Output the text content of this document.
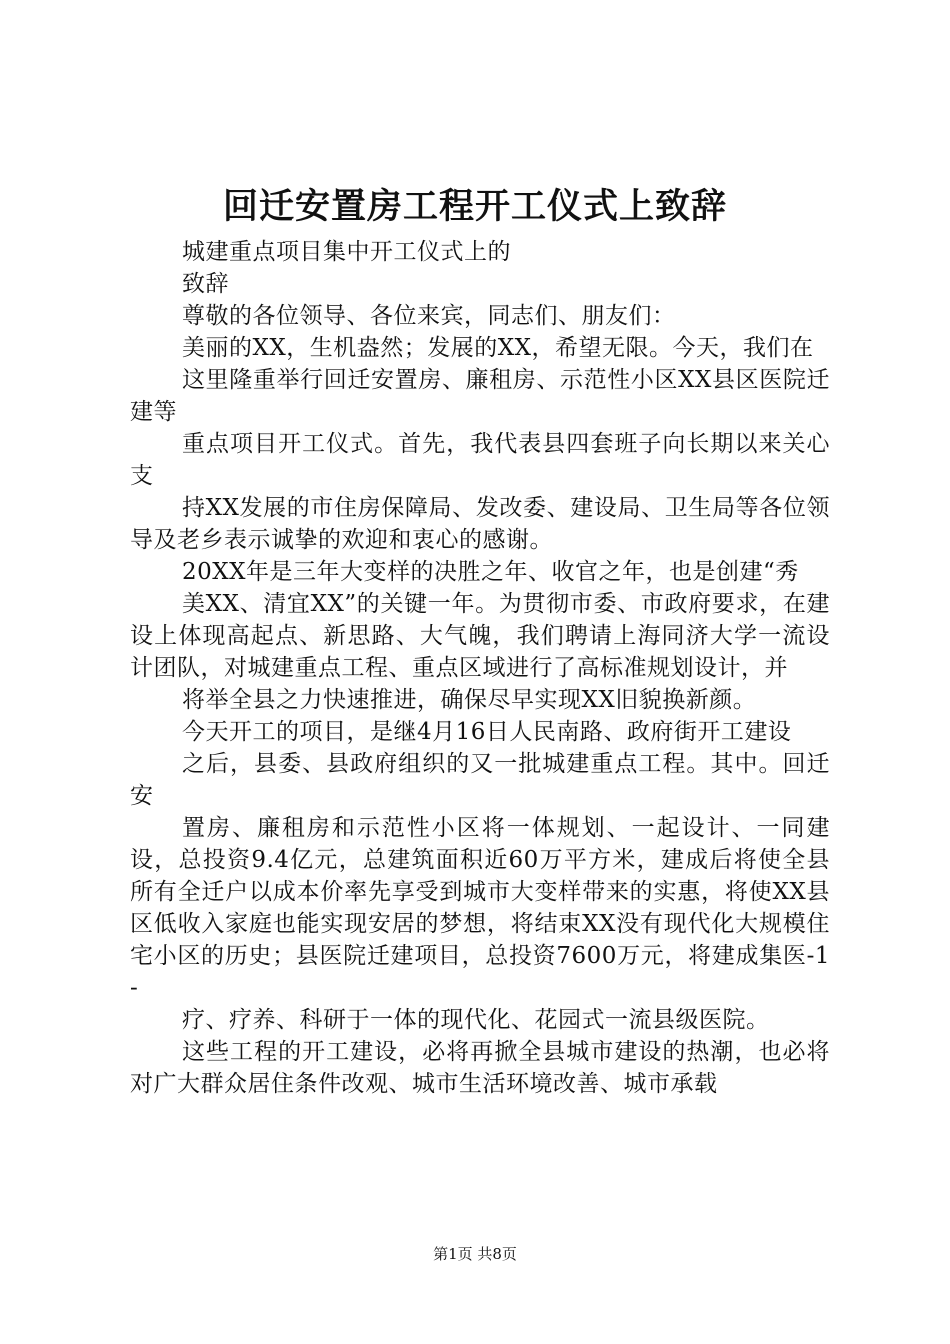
回迁安置房工程开工仪式上致辞

城建重点项目集中开工仪式上的

致辞

尊敬的各位领导、各位来宾，同志们、朋友们：

美丽的XX，生机盎然；发展的XX，希望无限。今天，我们在

这里隆重举行回迁安置房、廉租房、示范性小区XX县区医院迁建等

重点项目开工仪式。首先，我代表县四套班子向长期以来关心支

持XX发展的市住房保障局、发改委、建设局、卫生局等各位领导及老乡表示诚挚的欢迎和衷心的感谢。

20XX年是三年大变样的决胜之年、收官之年，也是创建“秀

美XX、清宜XX”的关键一年。为贯彻市委、市政府要求，在建设上体现高起点、新思路、大气魄，我们聘请上海同济大学一流设计团队，对城建重点工程、重点区域进行了高标准规划设计，并

将举全县之力快速推进，确保尽早实现XX旧貌换新颜。

今天开工的项目，是继4月16日人民南路、政府街开工建设

之后，县委、县政府组织的又一批城建重点工程。其中。回迁安

置房、廉租房和示范性小区将一体规划、一起设计、一同建设，总投资9.4亿元，总建筑面积近60万平方米，建成后将使全县所有全迁户以成本价率先享受到城市大变样带来的实惠，将使XX县区低收入家庭也能实现安居的梦想，将结束XX没有现代化大规模住宅小区的历史；县医院迁建项目，总投资7600万元，将建成集医-1-

疗、疗养、科研于一体的现代化、花园式一流县级医院。

这些工程的开工建设，必将再掀全县城市建设的热潮，也必将对广大群众居住条件改观、城市生活环境改善、城市承载

第1页 共8页
